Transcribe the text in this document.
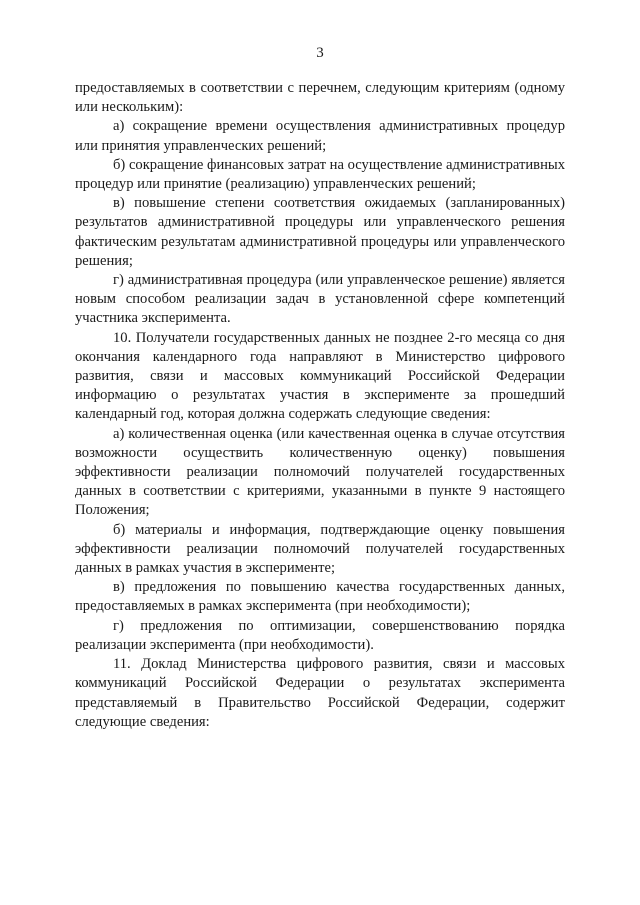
3

предоставляемых в соответствии с перечнем, следующим критериям (одному или нескольким):

а) сокращение времени осуществления административных процедур или принятия управленческих решений;

б) сокращение финансовых затрат на осуществление административных процедур или принятие (реализацию) управленческих решений;

в) повышение степени соответствия ожидаемых (запланированных) результатов административной процедуры или управленческого решения фактическим результатам административной процедуры или управленческого решения;

г) административная процедура (или управленческое решение) является новым способом реализации задач в установленной сфере компетенций участника эксперимента.

10. Получатели государственных данных не позднее 2-го месяца со дня окончания календарного года направляют в Министерство цифрового развития, связи и массовых коммуникаций Российской Федерации информацию о результатах участия в эксперименте за прошедший календарный год, которая должна содержать следующие сведения:

а) количественная оценка (или качественная оценка в случае отсутствия возможности осуществить количественную оценку) повышения эффективности реализации полномочий получателей государственных данных в соответствии с критериями, указанными в пункте 9 настоящего Положения;

б) материалы и информация, подтверждающие оценку повышения эффективности реализации полномочий получателей государственных данных в рамках участия в эксперименте;

в) предложения по повышению качества государственных данных, предоставляемых в рамках эксперимента (при необходимости);

г) предложения по оптимизации, совершенствованию порядка реализации эксперимента (при необходимости).

11. Доклад Министерства цифрового развития, связи и массовых коммуникаций Российской Федерации о результатах эксперимента представляемый в Правительство Российской Федерации, содержит следующие сведения:
